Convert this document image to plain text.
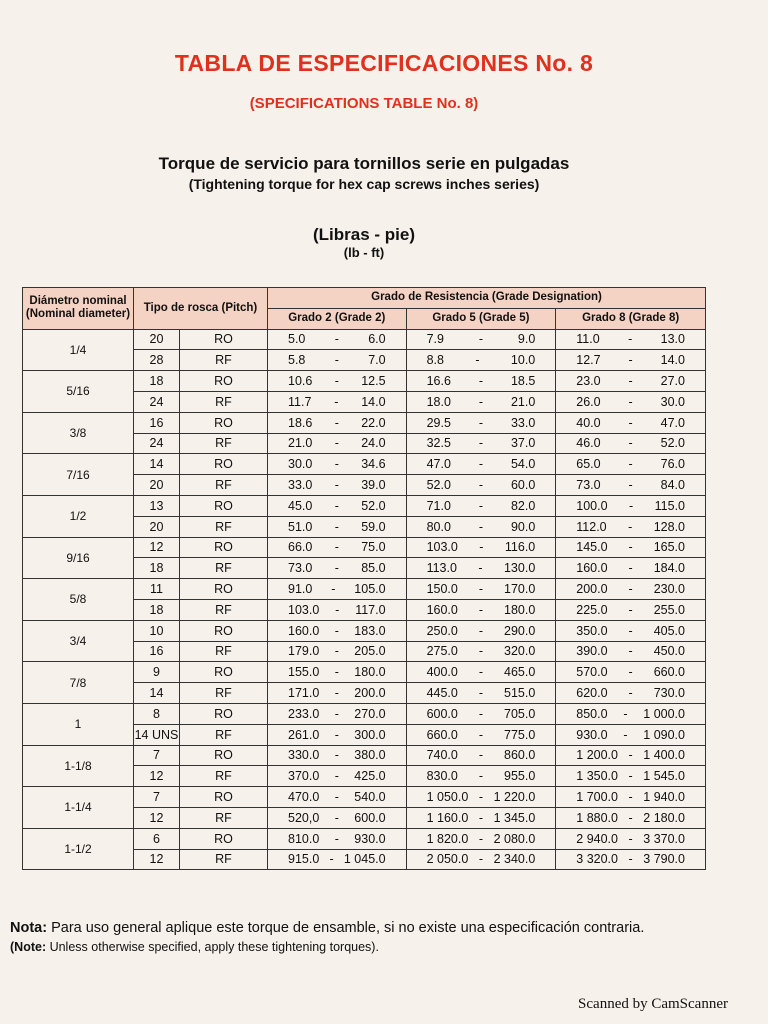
TABLA DE ESPECIFICACIONES No. 8
(SPECIFICATIONS TABLE No. 8)
Torque de servicio para tornillos serie en pulgadas
(Tightening torque for hex cap screws inches series)
(Libras - pie)
(lb - ft)
Diámetro nominal (Nominal diameter)	Tipo de rosca (Pitch)		Grado de Resistencia (Grade Designation)		
			Grado 2 (Grade 2)	Grado 5 (Grade 5)	Grado 8 (Grade 8)
1/4	20	RO	5.0 - 6.0	7.9 - 9.0	11.0 - 13.0

	28	RF	5.8 - 7.0	8.8 - 10.0	12.7 - 14.0

5/16	18	RO	10.6 - 12.5	16.6 - 18.5	23.0 - 27.0

	24	RF	11.7 - 14.0	18.0 - 21.0	26.0 - 30.0

3/8	16	RO	18.6 - 22.0	29.5 - 33.0	40.0 - 47.0

	24	RF	21.0 - 24.0	32.5 - 37.0	46.0 - 52.0

7/16	14	RO	30.0 - 34.6	47.0 - 54.0	65.0 - 76.0

	20	RF	33.0 - 39.0	52.0 - 60.0	73.0 - 84.0

1/2	13	RO	45.0 - 52.0	71.0 - 82.0	100.0 - 115.0

	20	RF	51.0 - 59.0	80.0 - 90.0	112.0 - 128.0

9/16	12	RO	66.0 - 75.0	103.0 - 116.0	145.0 - 165.0

	18	RF	73.0 - 85.0	113.0 - 130.0	160.0 - 184.0

5/8	11	RO	91.0 - 105.0	150.0 - 170.0	200.0 - 230.0

	18	RF	103.0 - 117.0	160.0 - 180.0	225.0 - 255.0

3/4	10	RO	160.0 - 183.0	250.0 - 290.0	350.0 - 405.0

	16	RF	179.0 - 205.0	275.0 - 320.0	390.0 - 450.0

7/8	9	RO	155.0 - 180.0	400.0 - 465.0	570.0 - 660.0

	14	RF	171.0 - 200.0	445.0 - 515.0	620.0 - 730.0

1	8	RO	233.0 - 270.0	600.0 - 705.0	850.0 - 1 000.0

	14 UNS	RF	261.0 - 300.0	660.0 - 775.0	930.0 - 1 090.0

1-1/8	7	RO	330.0 - 380.0	740.0 - 860.0	1 200.0 - 1 400.0

	12	RF	370.0 - 425.0	830.0 - 955.0	1 350.0 - 1 545.0

1-1/4	7	RO	470.0 - 540.0	1 050.0 - 1 220.0	1 700.0 - 1 940.0

	12	RF	520,0 - 600.0	1 160.0 - 1 345.0	1 880.0 - 2 180.0

1-1/2	6	RO	810.0 - 930.0	1 820.0 - 2 080.0	2 940.0 - 3 370.0

	12	RF	915.0 - 1 045.0	2 050.0 - 2 340.0	3 320.0 - 3 790.0
Nota: Para uso general aplique este torque de ensamble, si no existe una especificación contraria.
(Note: Unless otherwise specified, apply these tightening torques).
Scanned by CamScanner
